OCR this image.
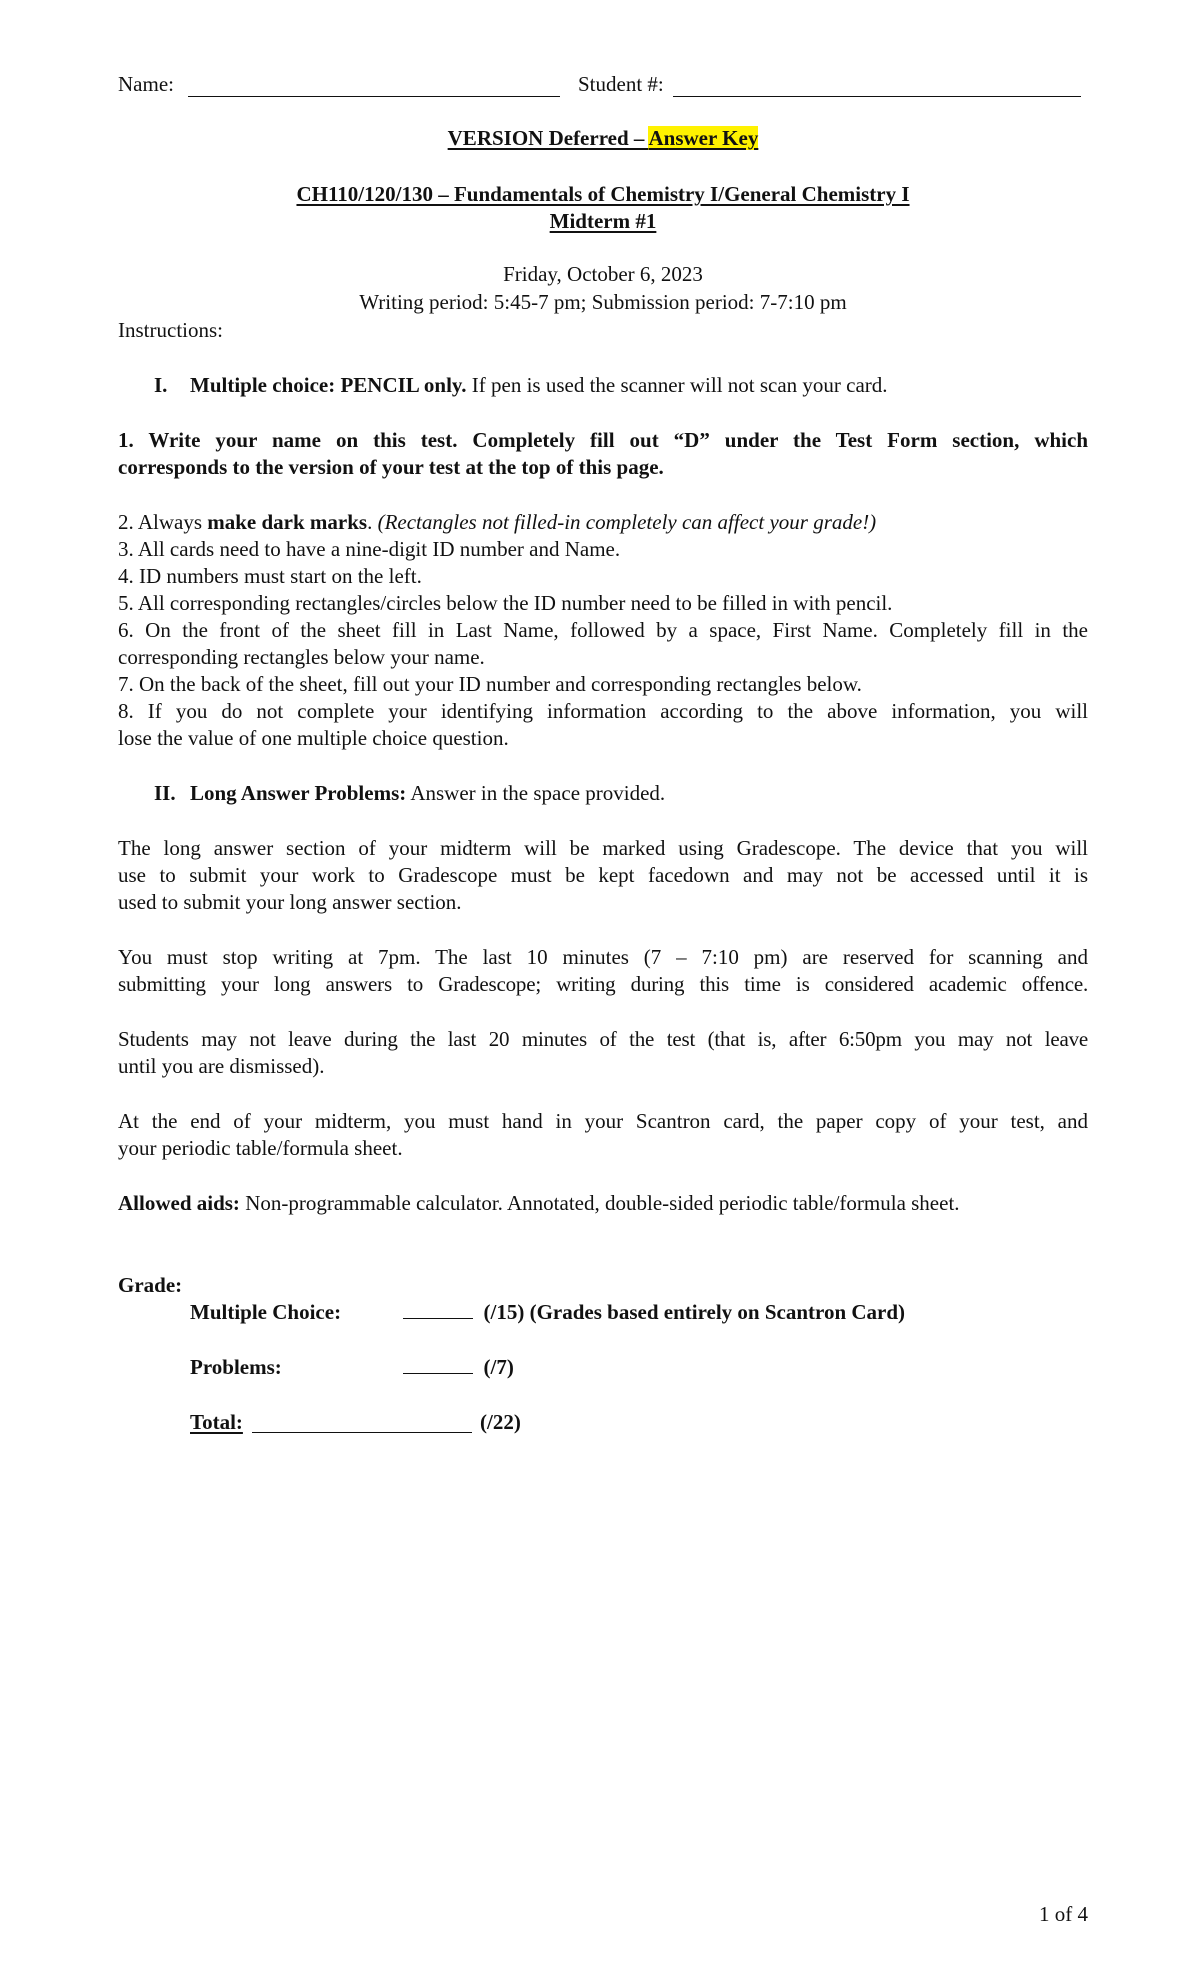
Name:	Student #:
VERSION Deferred – Answer Key
CH110/120/130 – Fundamentals of Chemistry I/General Chemistry I
Midterm #1
Friday, October 6, 2023
Writing period: 5:45-7 pm; Submission period: 7-7:10 pm
Instructions:
I. Multiple choice: PENCIL only. If pen is used the scanner will not scan your card.
1. Write your name on this test. Completely fill out “D” under the Test Form section, which
corresponds to the version of your test at the top of this page.
2. Always make dark marks. (Rectangles not filled-in completely can affect your grade!)
3. All cards need to have a nine-digit ID number and Name.
4. ID numbers must start on the left.
5. All corresponding rectangles/circles below the ID number need to be filled in with pencil.
6. On the front of the sheet fill in Last Name, followed by a space, First Name. Completely fill in the
corresponding rectangles below your name.
7. On the back of the sheet, fill out your ID number and corresponding rectangles below.
8. If you do not complete your identifying information according to the above information, you will
lose the value of one multiple choice question.
II. Long Answer Problems: Answer in the space provided.
The long answer section of your midterm will be marked using Gradescope. The device that you will
use to submit your work to Gradescope must be kept facedown and may not be accessed until it is
used to submit your long answer section.
You must stop writing at 7pm. The last 10 minutes (7 – 7:10 pm) are reserved for scanning and
submitting your long answers to Gradescope; writing during this time is considered academic offence.
Students may not leave during the last 20 minutes of the test (that is, after 6:50pm you may not leave
until you are dismissed).
At the end of your midterm, you must hand in your Scantron card, the paper copy of your test, and
your periodic table/formula sheet.
Allowed aids: Non-programmable calculator. Annotated, double-sided periodic table/formula sheet.
Grade:
Multiple Choice:	(/15) (Grades based entirely on Scantron Card)
Problems:	(/7)
Total:	(/22)
1 of 4
